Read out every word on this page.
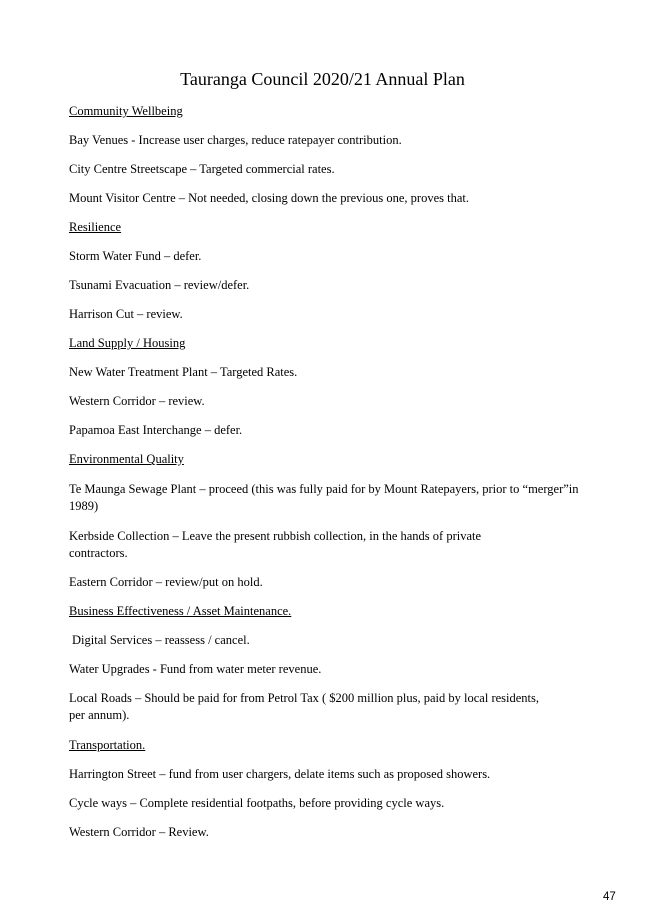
Tauranga Council 2020/21 Annual Plan

Community Wellbeing

Bay Venues - Increase user charges, reduce ratepayer contribution.

City Centre Streetscape – Targeted commercial rates.

Mount Visitor Centre – Not needed, closing down the previous one, proves that.

Resilience

Storm Water Fund – defer.

Tsunami Evacuation – review/defer.

Harrison Cut – review.

Land Supply / Housing

New Water Treatment Plant – Targeted Rates.

Western Corridor – review.

Papamoa East Interchange – defer.

Environmental Quality

Te Maunga Sewage Plant – proceed (this was fully paid for by Mount Ratepayers, prior to “merger”in 1989)

Kerbside Collection – Leave the present rubbish collection, in the hands of private contractors.

Eastern Corridor – review/put on hold.

Business Effectiveness / Asset Maintenance.

Digital Services – reassess / cancel.

Water Upgrades - Fund from water meter revenue.

Local Roads – Should be paid for from Petrol Tax ( $200 million plus, paid by local residents, per annum).

Transportation.

Harrington Street – fund from user chargers, delate items such as proposed showers.

Cycle ways – Complete residential footpaths, before providing cycle ways.

Western Corridor – Review.

47
